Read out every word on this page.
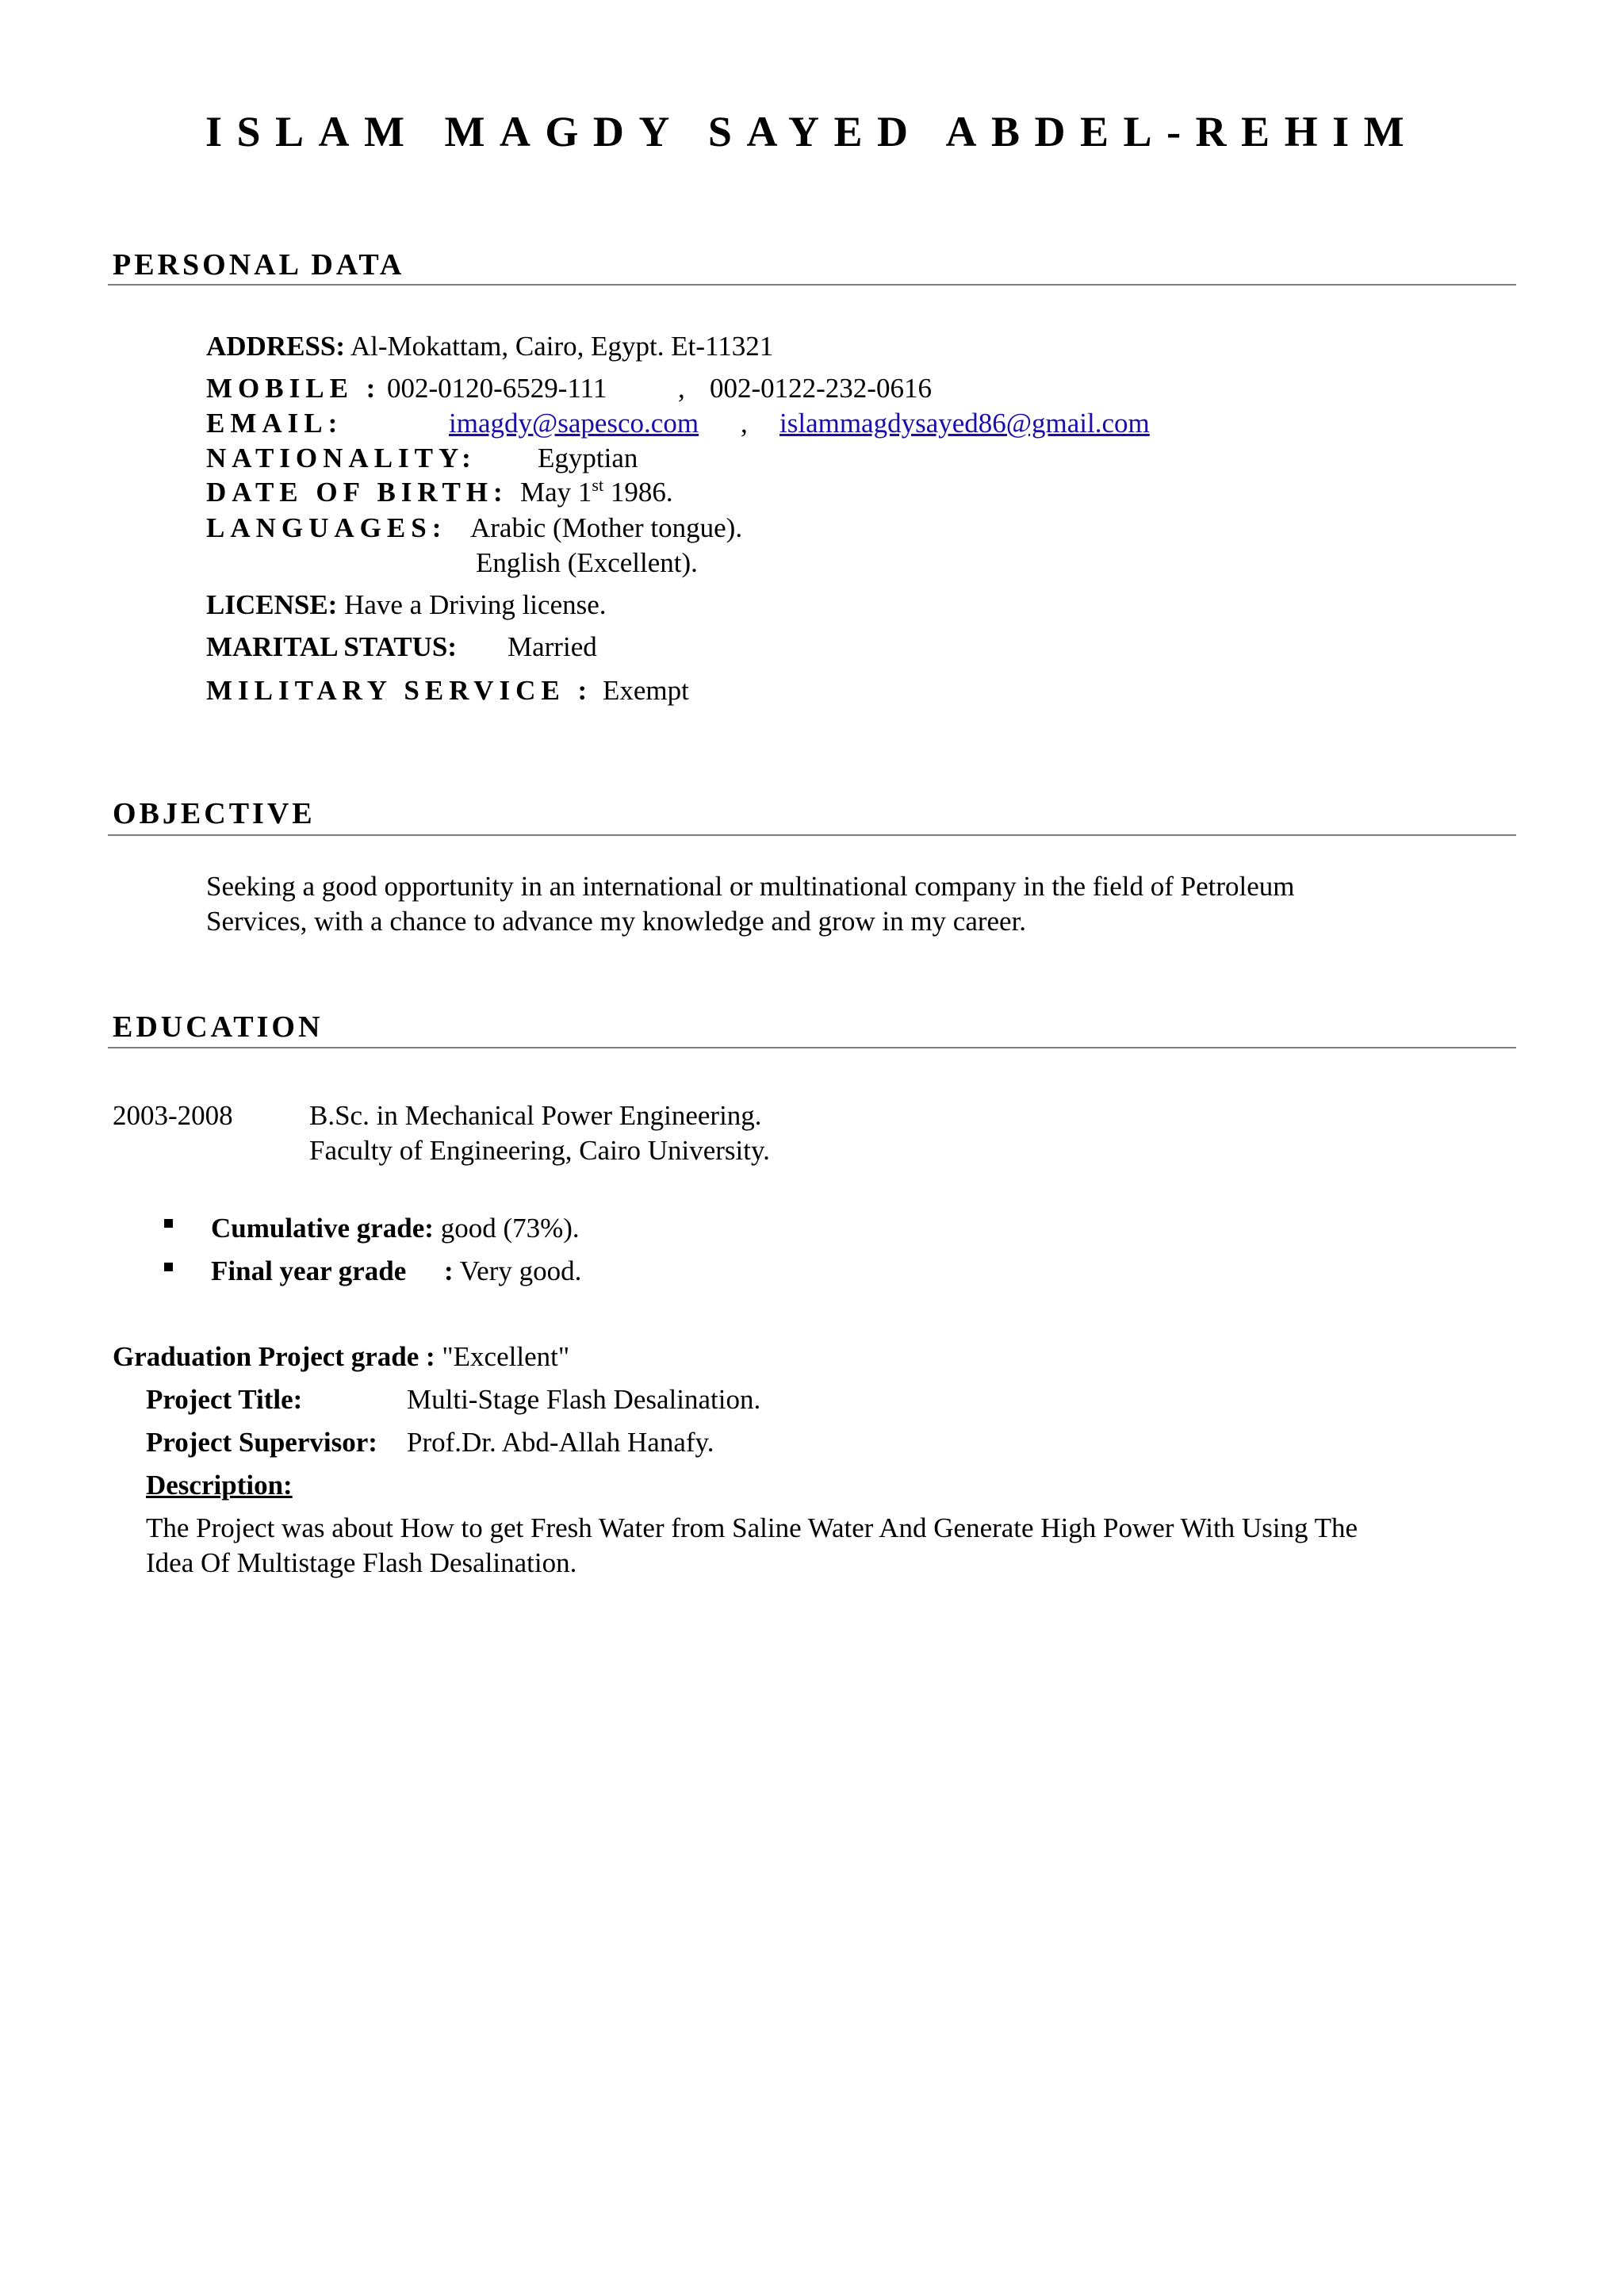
ISLAM MAGDY SAYED ABDEL-REHIM
PERSONAL DATA
ADDRESS: Al-Mokattam, Cairo, Egypt. Et-11321
MOBILE : 002-0120-6529-111	, 002-0122-232-0616
EMAIL:	imagdy@sapesco.com , islammagdysayed86@gmail.com
NATIONALITY: Egyptian
DATE OF BIRTH: May 1st 1986.
LANGUAGES: Arabic (Mother tongue).
English (Excellent).
LICENSE: Have a Driving license.
MARITAL STATUS: Married
MILITARY SERVICE : Exempt
OBJECTIVE
Seeking a good opportunity in an international or multinational company in the field of Petroleum
Services, with a chance to advance my knowledge and grow in my career.
EDUCATION
2003-2008	B.Sc. in Mechanical Power Engineering.
Faculty of Engineering, Cairo University.
Cumulative grade: good (73%).
Final year grade : Very good.
Graduation Project grade : "Excellent"
Project Title:	Multi-Stage Flash Desalination.
Project Supervisor: Prof.Dr. Abd-Allah Hanafy.
Description:
The Project was about How to get Fresh Water from Saline Water And Generate High Power With Using The
Idea Of Multistage Flash Desalination.
